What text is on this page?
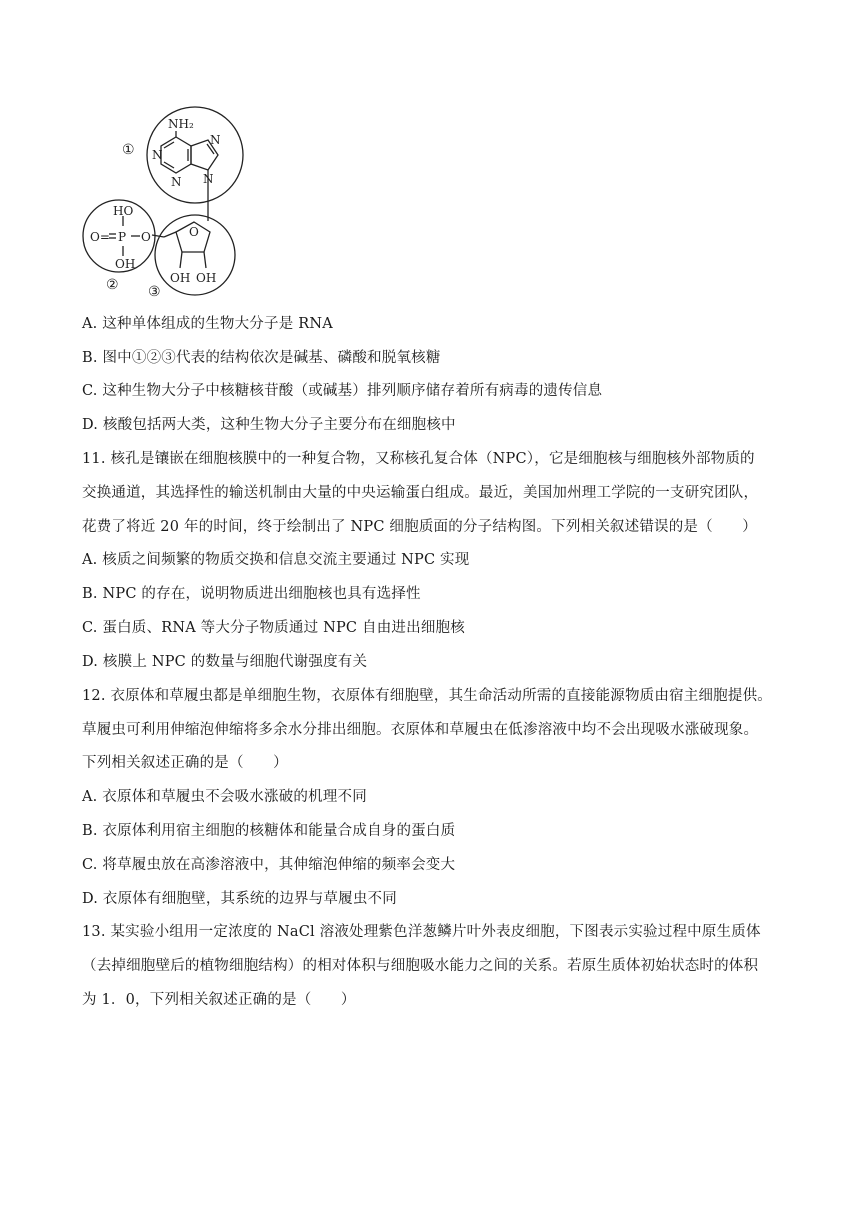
NH₂
N
N
N
N
HO
O= P O
OH
O
OH OH
①
② ③
A. 这种单体组成的生物大分子是 RNA
B. 图中①②③代表的结构依次是碱基、磷酸和脱氧核糖
C. 这种生物大分子中核糖核苷酸（或碱基）排列顺序储存着所有病毒的遗传信息
D. 核酸包括两大类，这种生物大分子主要分布在细胞核中
11. 核孔是镶嵌在细胞核膜中的一种复合物，又称核孔复合体（NPC），它是细胞核与细胞核外部物质的
交换通道，其选择性的输送机制由大量的中央运输蛋白组成。最近，美国加州理工学院的一支研究团队，
花费了将近 20 年的时间，终于绘制出了 NPC 细胞质面的分子结构图。下列相关叙述错误的是（　　）
A. 核质之间频繁的物质交换和信息交流主要通过 NPC 实现
B. NPC 的存在，说明物质进出细胞核也具有选择性
C. 蛋白质、RNA 等大分子物质通过 NPC 自由进出细胞核
D. 核膜上 NPC 的数量与细胞代谢强度有关
12. 衣原体和草履虫都是单细胞生物，衣原体有细胞壁，其生命活动所需的直接能源物质由宿主细胞提供。
草履虫可利用伸缩泡伸缩将多余水分排出细胞。衣原体和草履虫在低渗溶液中均不会出现吸水涨破现象。
下列相关叙述正确的是（　　）
A. 衣原体和草履虫不会吸水涨破的机理不同
B. 衣原体利用宿主细胞的核糖体和能量合成自身的蛋白质
C. 将草履虫放在高渗溶液中，其伸缩泡伸缩的频率会变大
D. 衣原体有细胞壁，其系统的边界与草履虫不同
13. 某实验小组用一定浓度的 NaCl 溶液处理紫色洋葱鳞片叶外表皮细胞，下图表示实验过程中原生质体
（去掉细胞壁后的植物细胞结构）的相对体积与细胞吸水能力之间的关系。若原生质体初始状态时的体积
为 1．0，下列相关叙述正确的是（　　）
